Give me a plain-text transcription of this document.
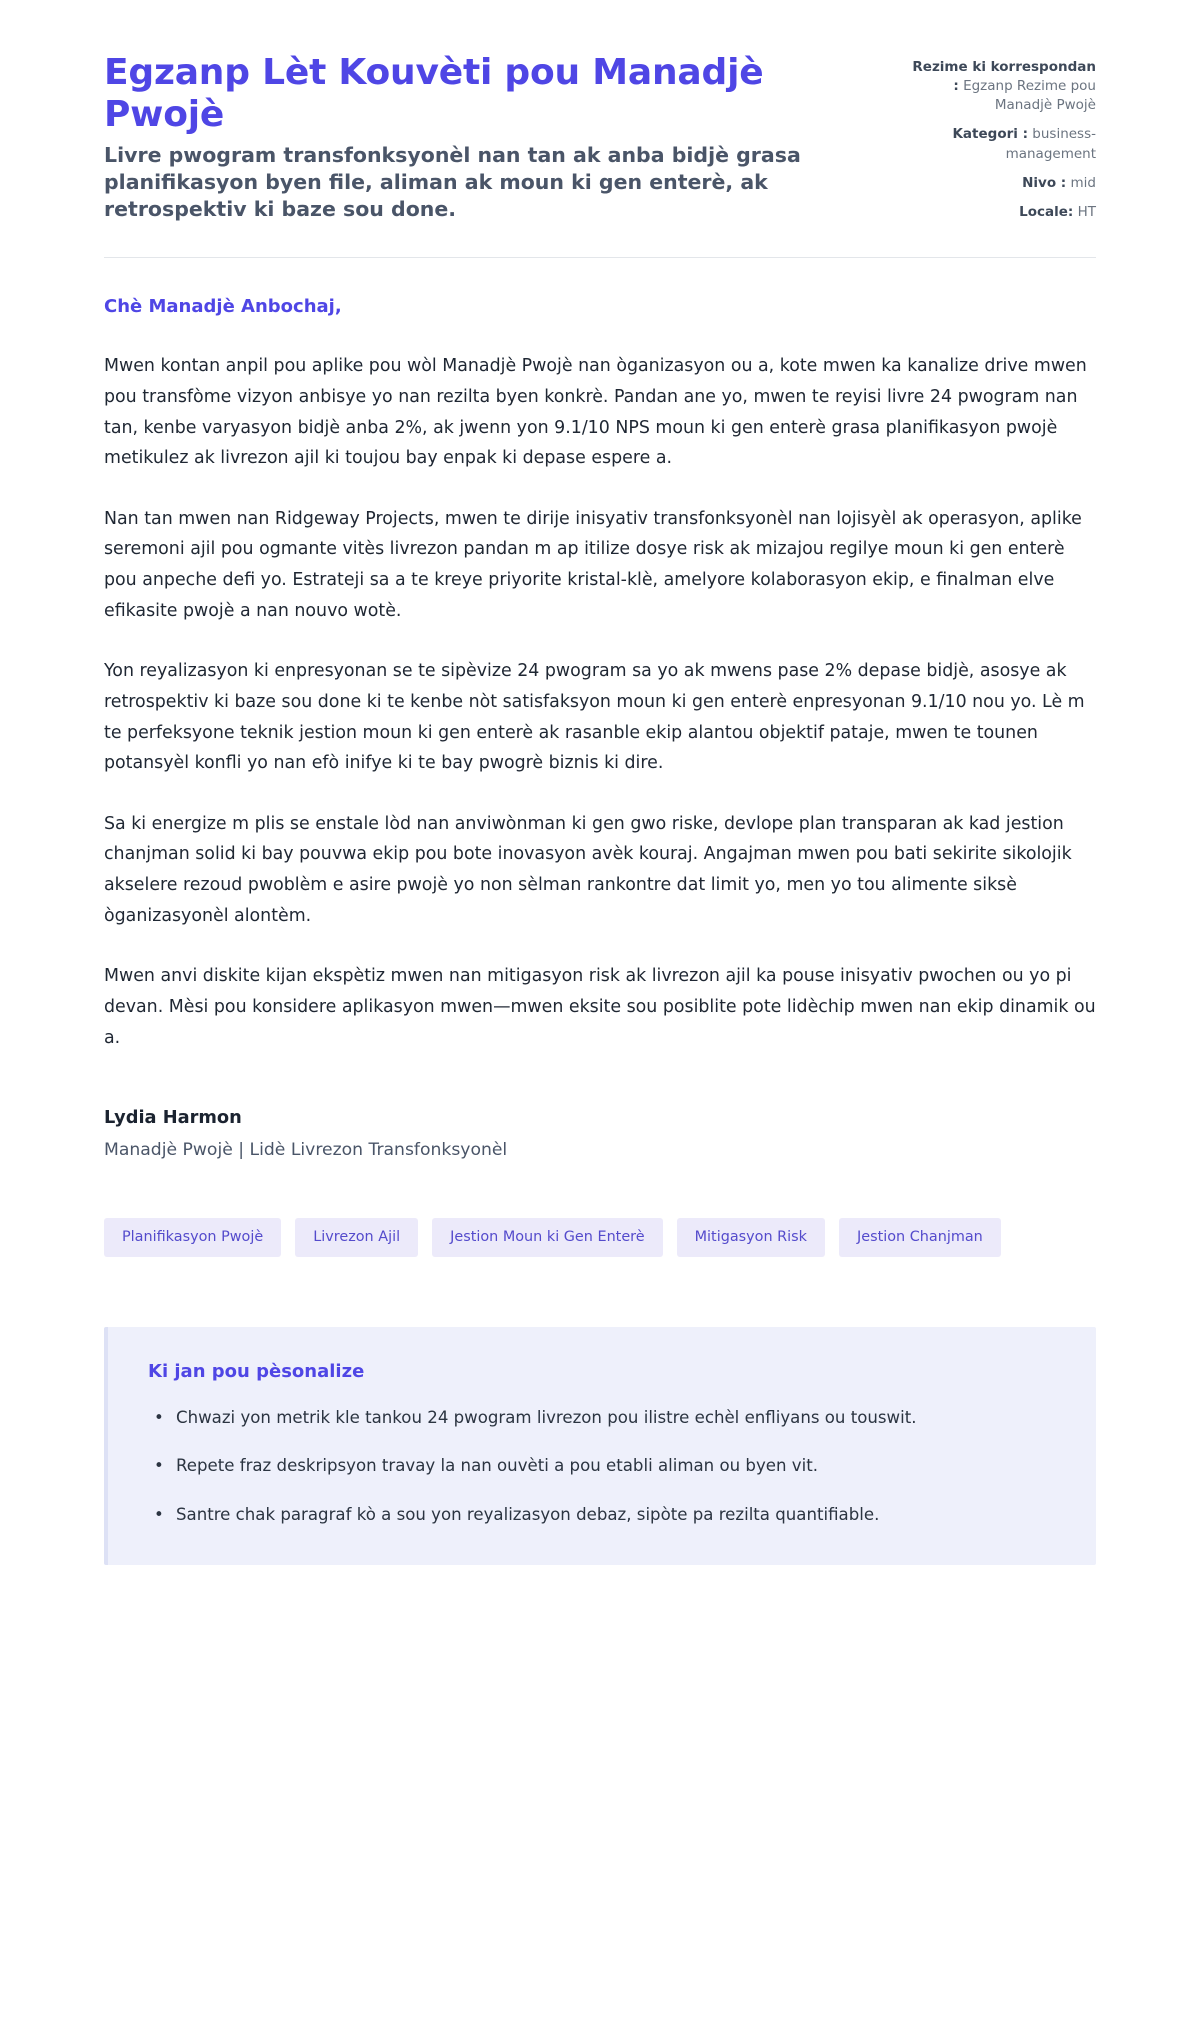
Egzanp Lèt Kouvèti pou Manadjè Pwojè

Livre pwogram transfonksyonèl nan tan ak anba bidjè grasa planifikasyon byen file, aliman ak moun ki gen enterè, ak retrospektiv ki baze sou done.

Rezime ki korrespondan : Egzanp Rezime pou Manadjè Pwojè
Kategori : business-management
Nivo : mid
Locale: HT

Chè Manadjè Anbochaj,

Mwen kontan anpil pou aplike pou wòl Manadjè Pwojè nan òganizasyon ou a, kote mwen ka kanalize drive mwen pou transfòme vizyon anbisye yo nan rezilta byen konkrè. Pandan ane yo, mwen te reyisi livre 24 pwogram nan tan, kenbe varyasyon bidjè anba 2%, ak jwenn yon 9.1/10 NPS moun ki gen enterè grasa planifikasyon pwojè metikulez ak livrezon ajil ki toujou bay enpak ki depase espere a.

Nan tan mwen nan Ridgeway Projects, mwen te dirije inisyativ transfonksyonèl nan lojisyèl ak operasyon, aplike seremoni ajil pou ogmante vitès livrezon pandan m ap itilize dosye risk ak mizajou regilye moun ki gen enterè pou anpeche defi yo. Estrateji sa a te kreye priyorite kristal-klè, amelyore kolaborasyon ekip, e finalman elve efikasite pwojè a nan nouvo wotè.

Yon reyalizasyon ki enpresyonan se te sipèvize 24 pwogram sa yo ak mwens pase 2% depase bidjè, asosye ak retrospektiv ki baze sou done ki te kenbe nòt satisfaksyon moun ki gen enterè enpresyonan 9.1/10 nou yo. Lè m te perfeksyone teknik jestion moun ki gen enterè ak rasanble ekip alantou objektif pataje, mwen te tounen potansyèl konfli yo nan efò inifye ki te bay pwogrè biznis ki dire.

Sa ki energize m plis se enstale lòd nan anviwònman ki gen gwo riske, devlope plan transparan ak kad jestion chanjman solid ki bay pouvwa ekip pou bote inovasyon avèk kouraj. Angajman mwen pou bati sekirite sikolojik akselere rezoud pwoblèm e asire pwojè yo non sèlman rankontre dat limit yo, men yo tou alimente siksè òganizasyonèl alontèm.

Mwen anvi diskite kijan ekspètiz mwen nan mitigasyon risk ak livrezon ajil ka pouse inisyativ pwochen ou yo pi devan. Mèsi pou konsidere aplikasyon mwen—mwen eksite sou posiblite pote lidèchip mwen nan ekip dinamik ou a.

Lydia Harmon

Manadjè Pwojè | Lidè Livrezon Transfonksyonèl

Planifikasyon Pwojè	Livrezon Ajil	Jestion Moun ki Gen Enterè	Mitigasyon Risk	Jestion Chanjman
Ki jan pou pèsonalize
• Chwazi yon metrik kle tankou 24 pwogram livrezon pou ilistre echèl enfliyans ou touswit.
• Repete fraz deskripsyon travay la nan ouvèti a pou etabli aliman ou byen vit.
• Santre chak paragraf kò a sou yon reyalizasyon debaz, sipòte pa rezilta quantifiable.
